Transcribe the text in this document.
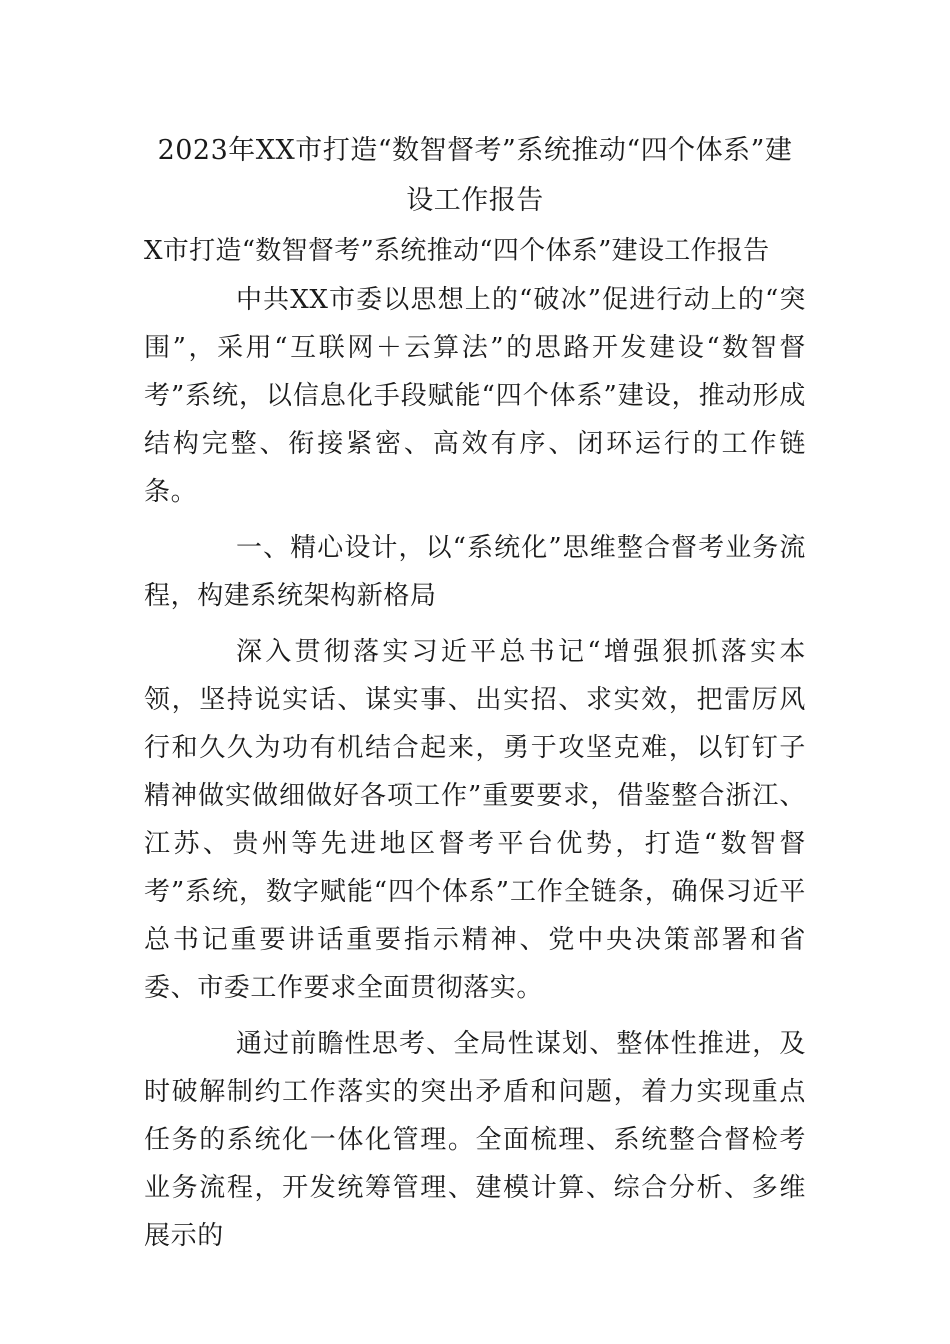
2023年XX市打造“数智督考”系统推动“四个体系”建设工作报告

X市打造“数智督考”系统推动“四个体系”建设工作报告

中共XX市委以思想上的“破冰”促进行动上的“突围”，采用“互联网＋云算法”的思路开发建设“数智督考”系统，以信息化手段赋能“四个体系”建设，推动形成结构完整、衔接紧密、高效有序、闭环运行的工作链条。

一、精心设计，以“系统化”思维整合督考业务流程，构建系统架构新格局

深入贯彻落实习近平总书记“增强狠抓落实本领，坚持说实话、谋实事、出实招、求实效，把雷厉风行和久久为功有机结合起来，勇于攻坚克难，以钉钉子精神做实做细做好各项工作”重要要求，借鉴整合浙江、江苏、贵州等先进地区督考平台优势，打造“数智督考”系统，数字赋能“四个体系”工作全链条，确保习近平总书记重要讲话重要指示精神、党中央决策部署和省委、市委工作要求全面贯彻落实。

通过前瞻性思考、全局性谋划、整体性推进，及时破解制约工作落实的突出矛盾和问题，着力实现重点任务的系统化一体化管理。全面梳理、系统整合督检考业务流程，开发统筹管理、建模计算、综合分析、多维展示的
